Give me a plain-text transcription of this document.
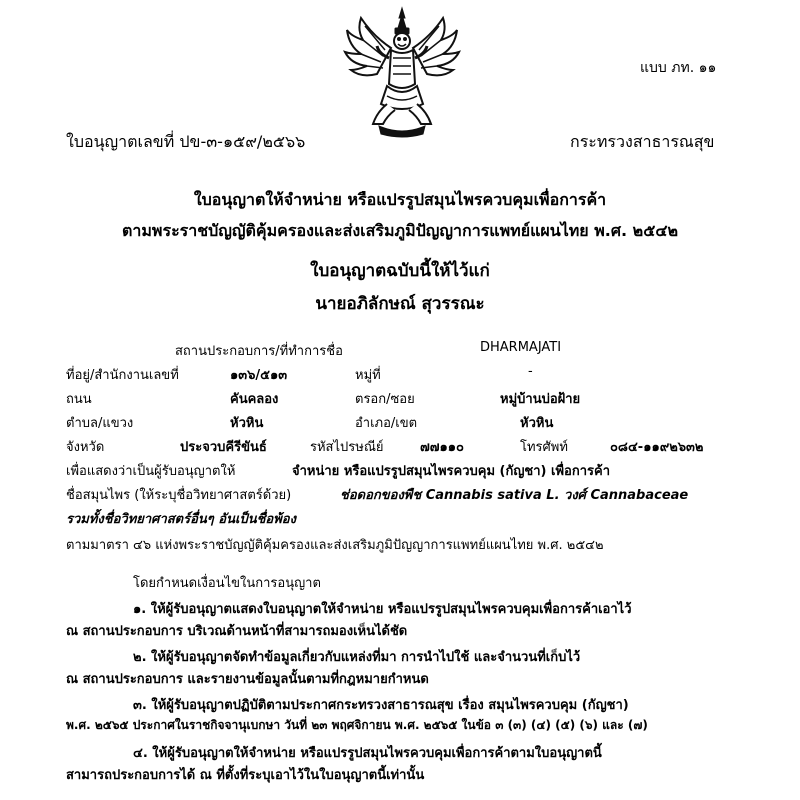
แบบ ภท. ๑๑
ใบอนุญาตเลขที่ ปข-๓-๑๕๙/๒๕๖๖	กระทรวงสาธารณสุข
ใบอนุญาตให้จำหน่าย หรือแปรรูปสมุนไพรควบคุมเพื่อการค้า
ตามพระราชบัญญัติคุ้มครองและส่งเสริมภูมิปัญญาการแพทย์แผนไทย พ.ศ. ๒๕๔๒
ใบอนุญาตฉบับนี้ให้ไว้แก่
นายอภิลักษณ์ สุวรรณะ
สถานประกอบการ/ที่ทำการชื่อ	DHARMAJATI
ที่อยู่/สำนักงานเลขที่	๑๓๖/๕๑๓	หมู่ที่	-
ถนน	คันคลอง	ตรอก/ซอย	หมู่บ้านบ่อฝ้าย
ตำบล/แขวง	หัวหิน	อำเภอ/เขต	หัวหิน
จังหวัด	ประจวบคีรีขันธ์	รหัสไปรษณีย์	๗๗๑๑๐	โทรศัพท์	๐๘๔-๑๑๙๒๖๓๒
เพื่อแสดงว่าเป็นผู้รับอนุญาตให้	จำหน่าย หรือแปรรูปสมุนไพรควบคุม (กัญชา) เพื่อการค้า
ชื่อสมุนไพร (ให้ระบุชื่อวิทยาศาสตร์ด้วย)	ช่อดอกของพืช Cannabis sativa L. วงศ์ Cannabaceae
รวมทั้งชื่อวิทยาศาสตร์อื่นๆ อันเป็นชื่อพ้อง
ตามมาตรา ๔๖ แห่งพระราชบัญญัติคุ้มครองและส่งเสริมภูมิปัญญาการแพทย์แผนไทย พ.ศ. ๒๕๔๒
โดยกำหนดเงื่อนไขในการอนุญาต
๑. ให้ผู้รับอนุญาตแสดงใบอนุญาตให้จำหน่าย หรือแปรรูปสมุนไพรควบคุมเพื่อการค้าเอาไว้
ณ สถานประกอบการ บริเวณด้านหน้าที่สามารถมองเห็นได้ชัด
๒. ให้ผู้รับอนุญาตจัดทำข้อมูลเกี่ยวกับแหล่งที่มา การนำไปใช้ และจำนวนที่เก็บไว้
ณ สถานประกอบการ และรายงานข้อมูลนั้นตามที่กฎหมายกำหนด
๓. ให้ผู้รับอนุญาตปฏิบัติตามประกาศกระทรวงสาธารณสุข เรื่อง สมุนไพรควบคุม (กัญชา)
พ.ศ. ๒๕๖๕ ประกาศในราชกิจจานุเบกษา วันที่ ๒๓ พฤศจิกายน พ.ศ. ๒๕๖๕ ในข้อ ๓ (๓) (๔) (๕) (๖) และ (๗)
๔. ให้ผู้รับอนุญาตให้จำหน่าย หรือแปรรูปสมุนไพรควบคุมเพื่อการค้าตามใบอนุญาตนี้
สามารถประกอบการได้ ณ ที่ตั้งที่ระบุเอาไว้ในใบอนุญาตนี้เท่านั้น
